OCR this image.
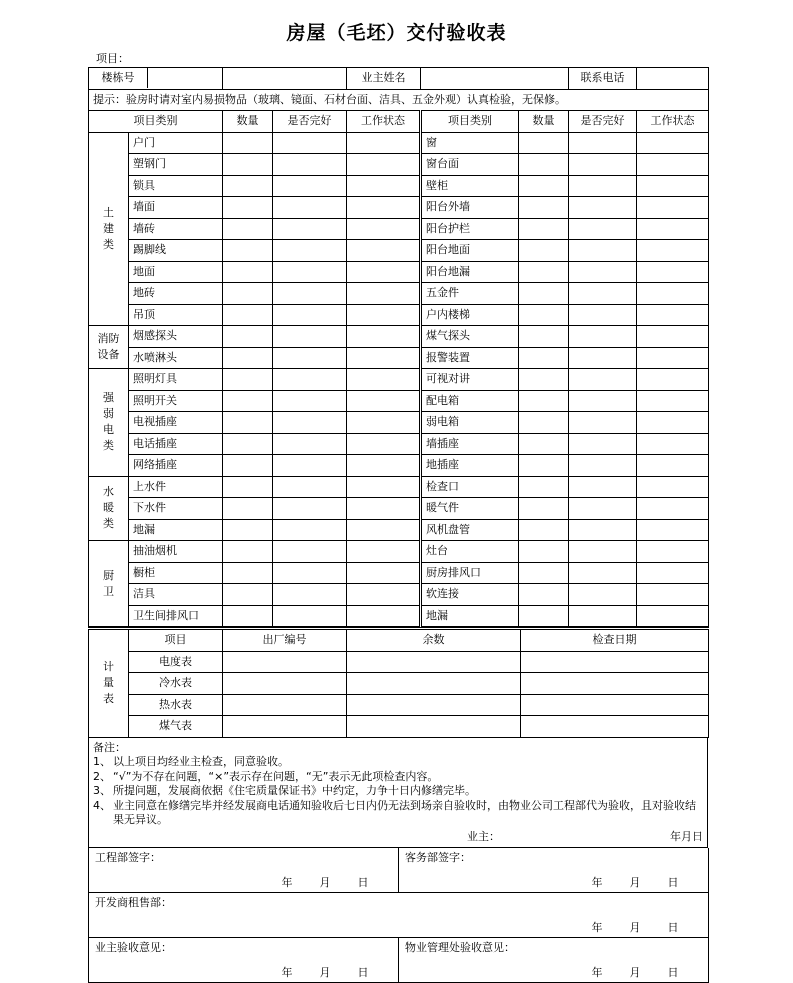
房屋（毛坯）交付验收表
项目：
楼栋号				业主姓名			联系电话	
提示：验房时请对室内易损物品（玻璃、镜面、石材台面、洁具、五金外观）认真检验，无保修。								
项目类别		数量	是否完好	工作状态	项目类别	数量	是否完好	工作状态

土
建
类	户门				窗			
	塑钢门				窗台面			
	锁具				壁柜			
	墙面				阳台外墙			
	墙砖				阳台护栏			
	踢脚线				阳台地面			
	地面				阳台地漏			
	地砖				五金件			
	吊顶				户内楼梯			

消防
设备	烟感探头				煤气探头			
	水喷淋头				报警装置			

强
弱
电
类	照明灯具				可视对讲			
	照明开关				配电箱			
	电视插座				弱电箱			
	电话插座				墙插座			
	网络插座				地插座			

水
暖
类	上水件				检查口			
	下水件				暖气件			
	地漏				风机盘管			

厨
卫	抽油烟机				灶台			
	橱柜				厨房排风口			
	洁具				软连接			
	卫生间排风口				地漏			
计
量
表	项目	出厂编号	余数	检查日期
	电度表			
	冷水表			
	热水表			
	煤气表			
备注：
1、 以上项目均经业主检查，同意验收。
2、 “√”为不存在问题，“×”表示存在问题，“无”表示无此项检查内容。
3、 所提问题，发展商依据《住宅质量保证书》中约定，力争十日内修缮完毕。
4、 业主同意在修缮完毕并经发展商电话通知验收后七日内仍无法到场亲自验收时，由物业公司工程部代为验收，且对验收结果无异议。
业主：	年月日
工程部签字：
年 月 日	客务部签字：
年 月 日

开发商租售部：
年 月 日	

业主验收意见：
年 月 日	物业管理处验收意见：
年 月 日
